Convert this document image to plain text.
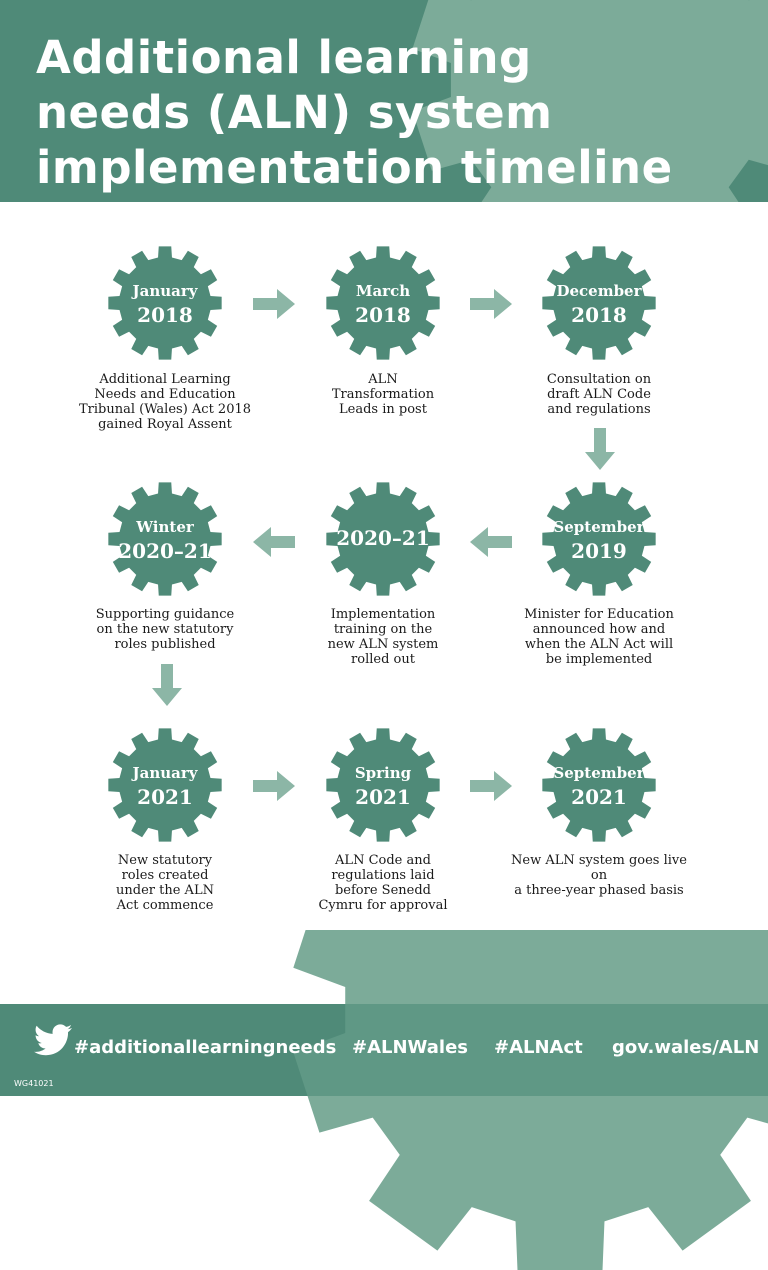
Additional learning
needs (ALN) system
implementation timeline
January
2018
Additional Learning
Needs and Education
Tribunal (Wales) Act 2018
gained Royal Assent
March
2018
ALN
Transformation
Leads in post
December
2018
Consultation on
draft ALN Code
and regulations
September
2019
Minister for Education
announced how and
when the ALN Act will
be implemented
2020–21
Implementation
training on the
new ALN system
rolled out
Winter
2020–21
Supporting guidance
on the new statutory
roles published
January
2021
New statutory
roles created
under the ALN
Act commence
Spring
2021
ALN Code and
regulations laid
before Senedd
Cymru for approval
September
2021
New ALN system goes live on
a three-year phased basis
#additionallearningneeds #ALNWales #ALNAct gov.wales/ALN
WG41021
